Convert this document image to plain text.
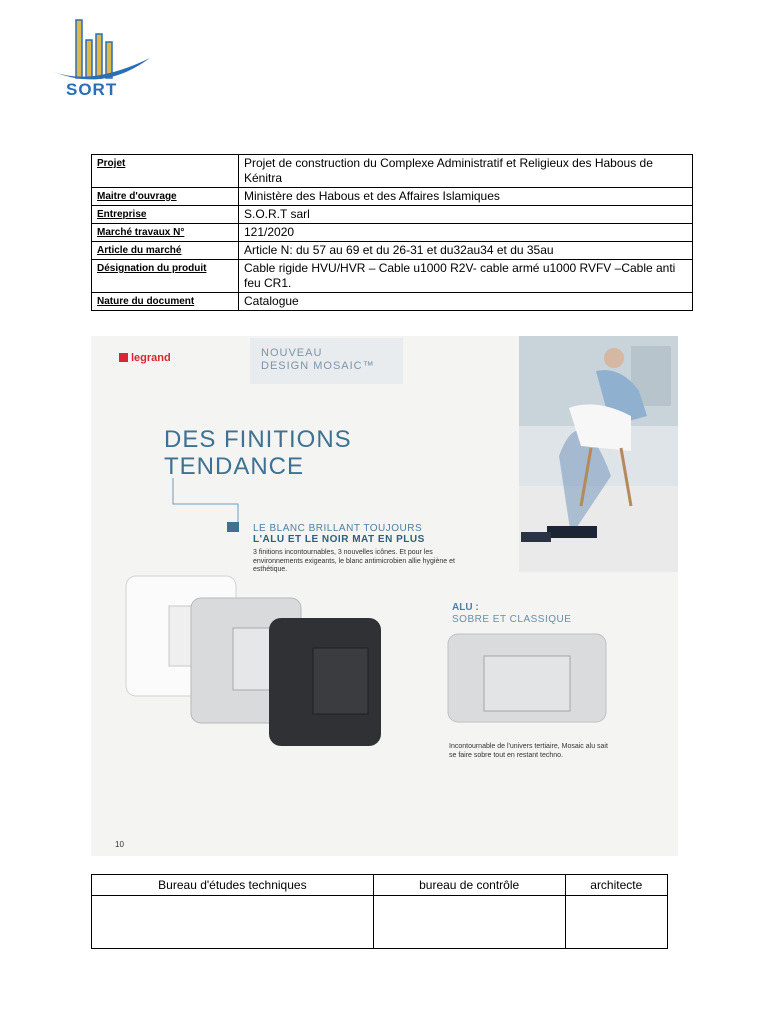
SORT
Projet	Projet de construction du Complexe Administratif et Religieux des Habous de Kénitra
Maitre d'ouvrage	Ministère des Habous et des Affaires Islamiques
Entreprise	S.O.R.T sarl
Marché travaux N°	121/2020
Article du marché	Article N: du 57 au 69 et du 26-31 et du32au34 et du 35au
Désignation du produit	Cable rigide HVU/HVR – Cable u1000 R2V- cable armé u1000 RVFV –Cable anti feu CR1.
Nature du document	Catalogue
legrand	NOUVEAU
DESIGN MOSAIC™
DES FINITIONS
TENDANCE
LE BLANC BRILLANT TOUJOURS
L'ALU ET LE NOIR MAT EN PLUS
3 finitions incontournables, 3 nouvelles icônes. Et pour les environnements exigeants, le blanc antimicrobien allie hygiène et esthétique.
ALU :
SOBRE ET CLASSIQUE
Incontournable de l'univers tertiaire, Mosaic alu sait se faire sobre tout en restant techno.
10
Bureau d'études techniques	bureau de contrôle	architecte
